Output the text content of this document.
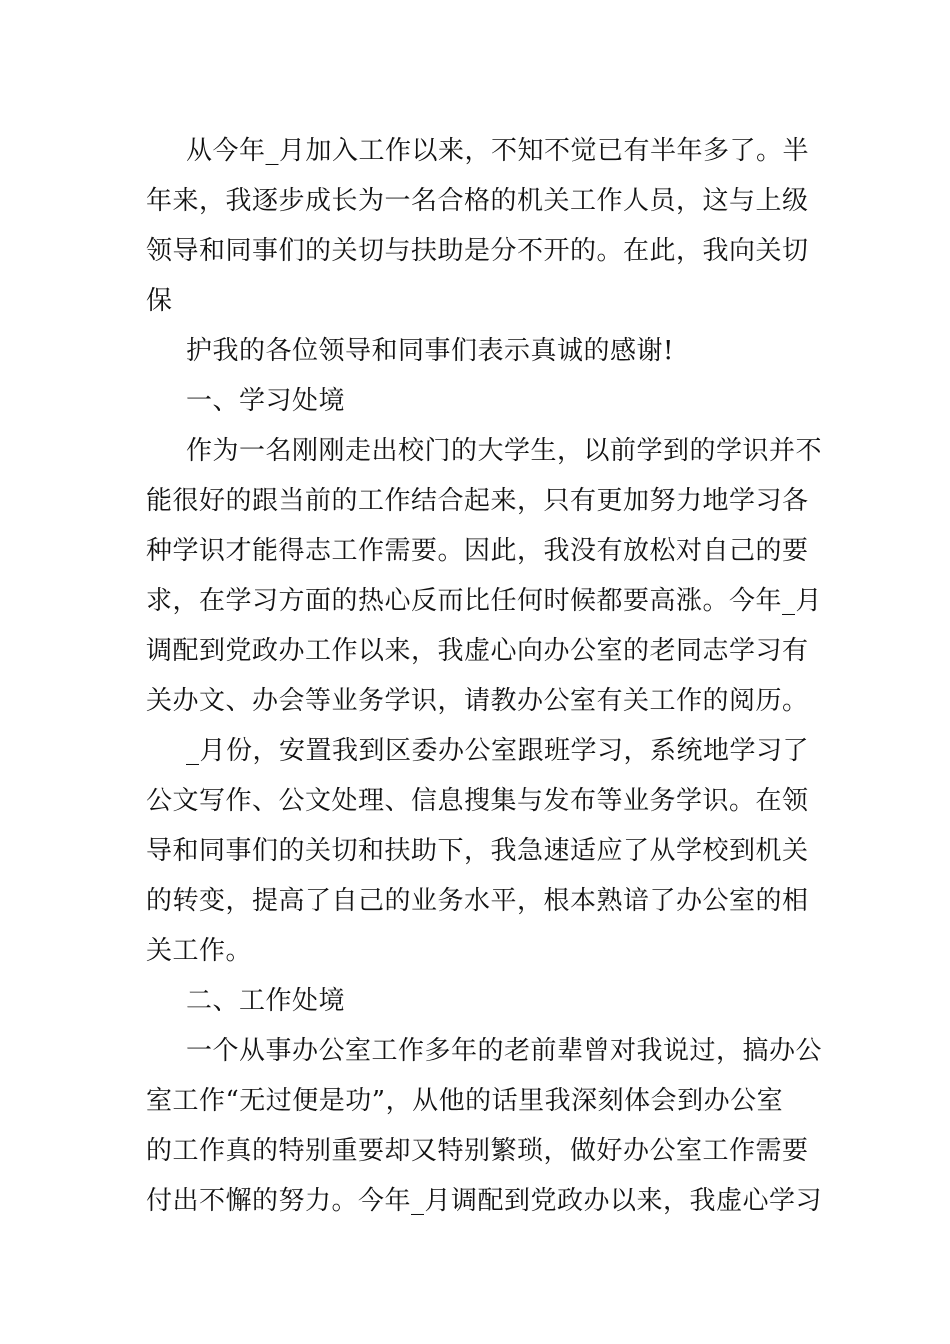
从今年_月加入工作以来，不知不觉已有半年多了。半
年来，我逐步成长为一名合格的机关工作人员，这与上级
领导和同事们的关切与扶助是分不开的。在此，我向关切
保
护我的各位领导和同事们表示真诚的感谢!
一、学习处境
作为一名刚刚走出校门的大学生，以前学到的学识并不
能很好的跟当前的工作结合起来，只有更加努力地学习各
种学识才能得志工作需要。因此，我没有放松对自己的要
求，在学习方面的热心反而比任何时候都要高涨。今年_月
调配到党政办工作以来，我虚心向办公室的老同志学习有
关办文、办会等业务学识，请教办公室有关工作的阅历。
_月份，安置我到区委办公室跟班学习，系统地学习了
公文写作、公文处理、信息搜集与发布等业务学识。在领
导和同事们的关切和扶助下，我急速适应了从学校到机关
的转变，提高了自己的业务水平，根本熟谙了办公室的相
关工作。
二、工作处境
一个从事办公室工作多年的老前辈曾对我说过，搞办公
室工作“无过便是功”，从他的话里我深刻体会到办公室
的工作真的特别重要却又特别繁琐，做好办公室工作需要
付出不懈的努力。今年_月调配到党政办以来，我虚心学习
